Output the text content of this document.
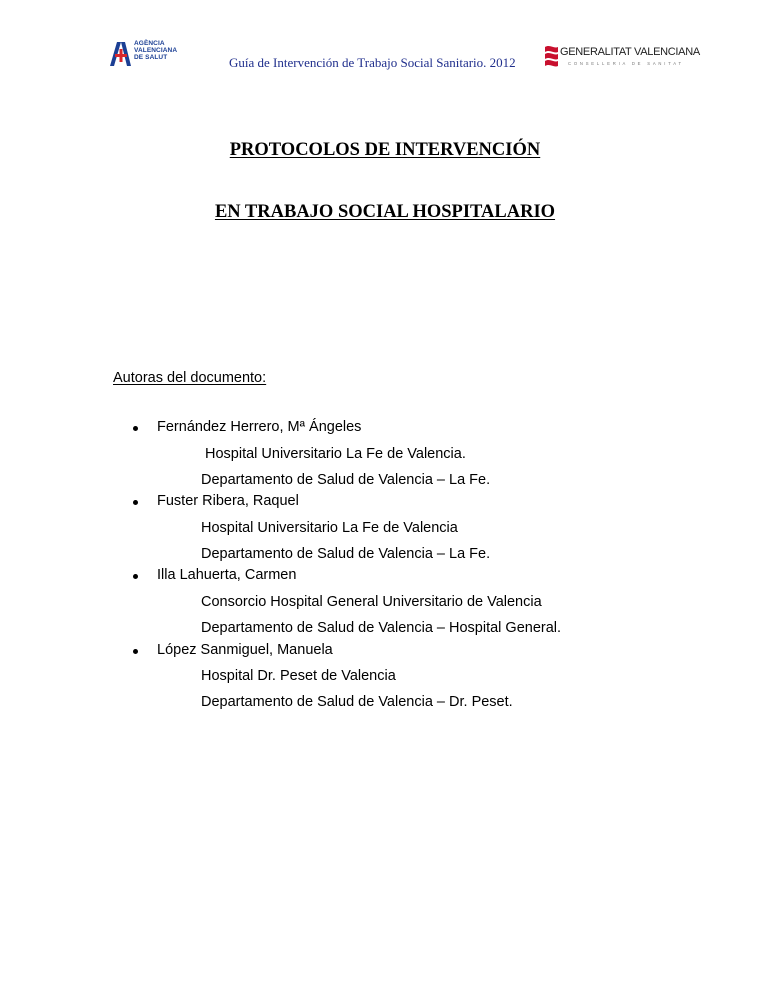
AGÈNCIA
VALENCIANA
DE SALUT	Guía de Intervención de Trabajo Social Sanitario. 2012
GENERALITAT VALENCIANA
CONSELLERIA DE SANITAT
PROTOCOLOS DE INTERVENCIÓN
EN TRABAJO SOCIAL HOSPITALARIO
Autoras del documento:
Fernández Herrero, Mª Ángeles
Hospital Universitario La Fe de Valencia.
Departamento de Salud de Valencia – La Fe.
Fuster Ribera, Raquel
Hospital Universitario La Fe de Valencia
Departamento de Salud de Valencia – La Fe.
Illa Lahuerta, Carmen
Consorcio Hospital General Universitario de Valencia
Departamento de Salud de Valencia – Hospital General.
López Sanmiguel, Manuela
Hospital Dr. Peset de Valencia
Departamento de Salud de Valencia – Dr. Peset.
